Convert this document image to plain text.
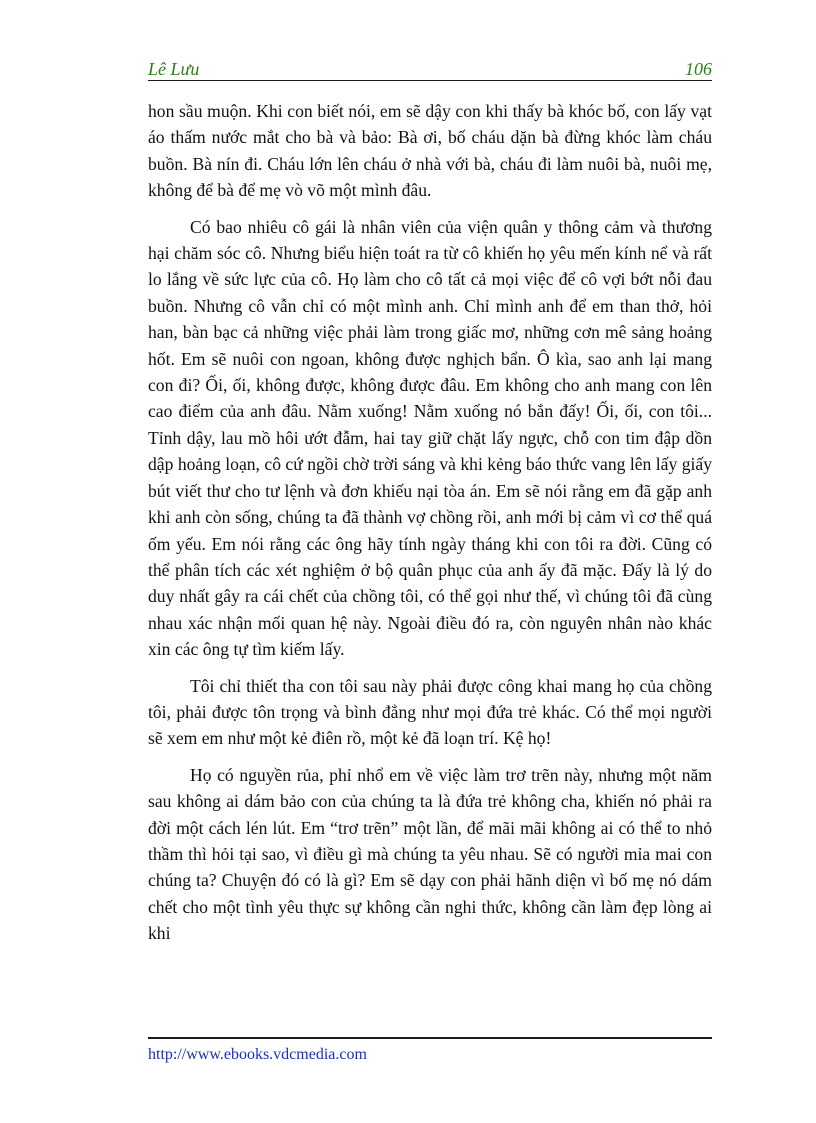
Lê Lưu	106

hon sầu muộn. Khi con biết nói, em sẽ dậy con khi thấy bà khóc bố, con lấy vạt áo thấm nước mắt cho bà và bảo: Bà ơi, bố cháu dặn bà đừng khóc làm cháu buồn. Bà nín đi. Cháu lớn lên cháu ở nhà với bà, cháu đi làm nuôi bà, nuôi mẹ, không để bà để mẹ vò võ một mình đâu.

Có bao nhiêu cô gái là nhân viên của viện quân y thông cảm và thương hại chăm sóc cô. Nhưng biểu hiện toát ra từ cô khiến họ yêu mến kính nể và rất lo lắng về sức lực của cô. Họ làm cho cô tất cả mọi việc để cô vợi bớt nỗi đau buồn. Nhưng cô vẫn chỉ có một mình anh. Chỉ mình anh để em than thở, hỏi han, bàn bạc cả những việc phải làm trong giấc mơ, những cơn mê sảng hoảng hốt. Em sẽ nuôi con ngoan, không được nghịch bẩn. Ô kìa, sao anh lại mang con đi? Ối, ối, không được, không được đâu. Em không cho anh mang con lên cao điểm của anh đâu. Nằm xuống! Nằm xuống nó bắn đấy! Ối, ối, con tôi... Tỉnh dậy, lau mồ hôi ướt đẫm, hai tay giữ chặt lấy ngực, chỗ con tim đập dồn dập hoảng loạn, cô cứ ngồi chờ trời sáng và khi kẻng báo thức vang lên lấy giấy bút viết thư cho tư lệnh và đơn khiếu nại tòa án. Em sẽ nói rằng em đã gặp anh khi anh còn sống, chúng ta đã thành vợ chồng rồi, anh mới bị cảm vì cơ thể quá ốm yếu. Em nói rằng các ông hãy tính ngày tháng khi con tôi ra đời. Cũng có thể phân tích các xét nghiệm ở bộ quân phục của anh ấy đã mặc. Đấy là lý do duy nhất gây ra cái chết của chồng tôi, có thể gọi như thế, vì chúng tôi đã cùng nhau xác nhận mối quan hệ này. Ngoài điều đó ra, còn nguyên nhân nào khác xin các ông tự tìm kiếm lấy.

Tôi chỉ thiết tha con tôi sau này phải được công khai mang họ của chồng tôi, phải được tôn trọng và bình đẳng như mọi đứa trẻ khác. Có thể mọi người sẽ xem em như một kẻ điên rồ, một kẻ đã loạn trí. Kệ họ!

Họ có nguyền rủa, phỉ nhổ em về việc làm trơ trẽn này, nhưng một năm sau không ai dám bảo con của chúng ta là đứa trẻ không cha, khiến nó phải ra đời một cách lén lút. Em “trơ trẽn” một lần, để mãi mãi không ai có thể to nhỏ thầm thì hỏi tại sao, vì điều gì mà chúng ta yêu nhau. Sẽ có người mỉa mai con chúng ta? Chuyện đó có là gì? Em sẽ dạy con phải hãnh diện vì bố mẹ nó dám chết cho một tình yêu thực sự không cần nghi thức, không cần làm đẹp lòng ai khi

http://www.ebooks.vdcmedia.com
